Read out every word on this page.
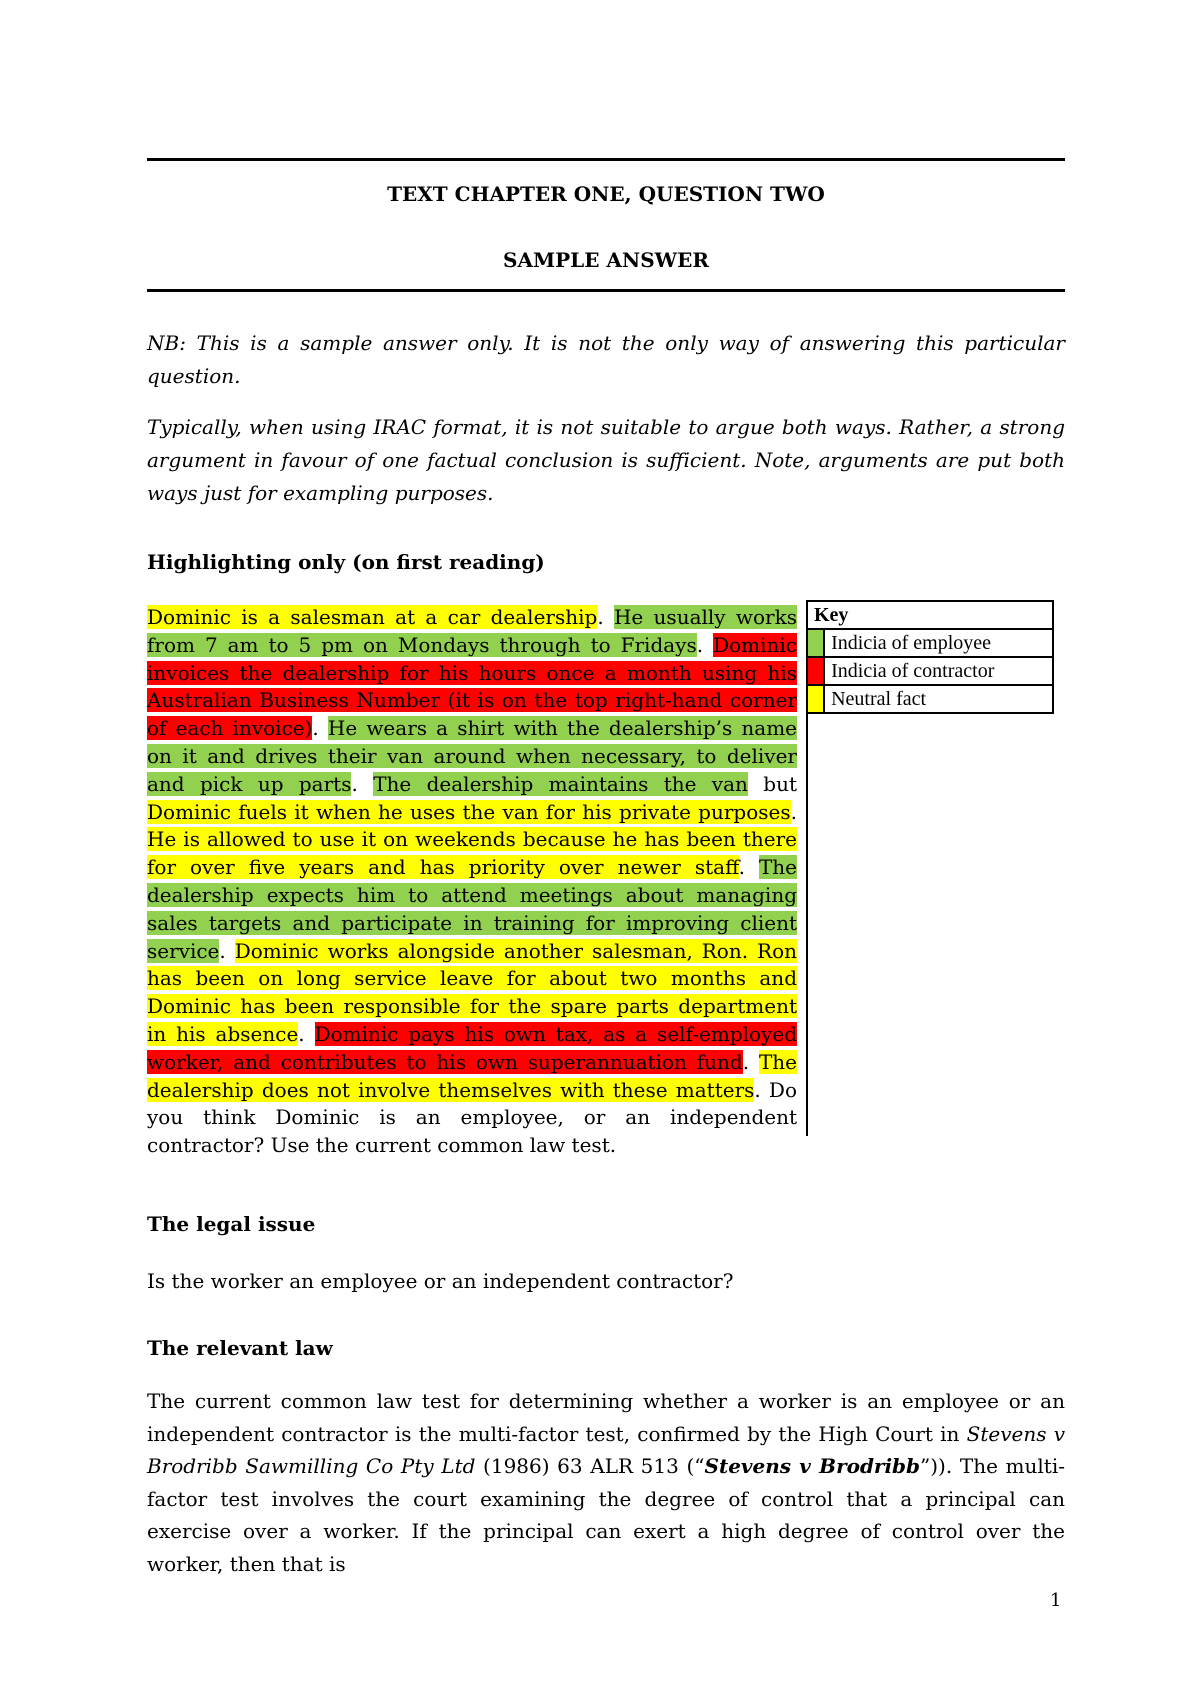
TEXT CHAPTER ONE, QUESTION TWO
SAMPLE ANSWER
NB: This is a sample answer only. It is not the only way of answering this particular question.
Typically, when using IRAC format, it is not suitable to argue both ways. Rather, a strong argument in favour of one factual conclusion is sufficient. Note, arguments are put both ways just for exampling purposes.
Highlighting only (on first reading)
Dominic is a salesman at a car dealership. He usually works from 7 am to 5 pm on Mondays through to Fridays. Dominic invoices the dealership for his hours once a month using his Australian Business Number (it is on the top right-hand corner of each invoice). He wears a shirt with the dealership’s name on it and drives their van around when necessary, to deliver and pick up parts. The dealership maintains the van but Dominic fuels it when he uses the van for his private purposes. He is allowed to use it on weekends because he has been there for over five years and has priority over newer staff. The dealership expects him to attend meetings about managing sales targets and participate in training for improving client service. Dominic works alongside another salesman, Ron. Ron has been on long service leave for about two months and Dominic has been responsible for the spare parts department in his absence. Dominic pays his own tax, as a self-employed worker, and contributes to his own superannuation fund. The dealership does not involve themselves with these matters. Do you think Dominic is an employee, or an independent contractor? Use the current common law test.
Key	
	Indicia of employee
	Indicia of contractor
	Neutral fact
The legal issue
Is the worker an employee or an independent contractor?
The relevant law
The current common law test for determining whether a worker is an employee or an independent contractor is the multi-factor test, confirmed by the High Court in Stevens v Brodribb Sawmilling Co Pty Ltd (1986) 63 ALR 513 (“Stevens v Brodribb”)). The multi-factor test involves the court examining the degree of control that a principal can exercise over a worker. If the principal can exert a high degree of control over the worker, then that is
1
